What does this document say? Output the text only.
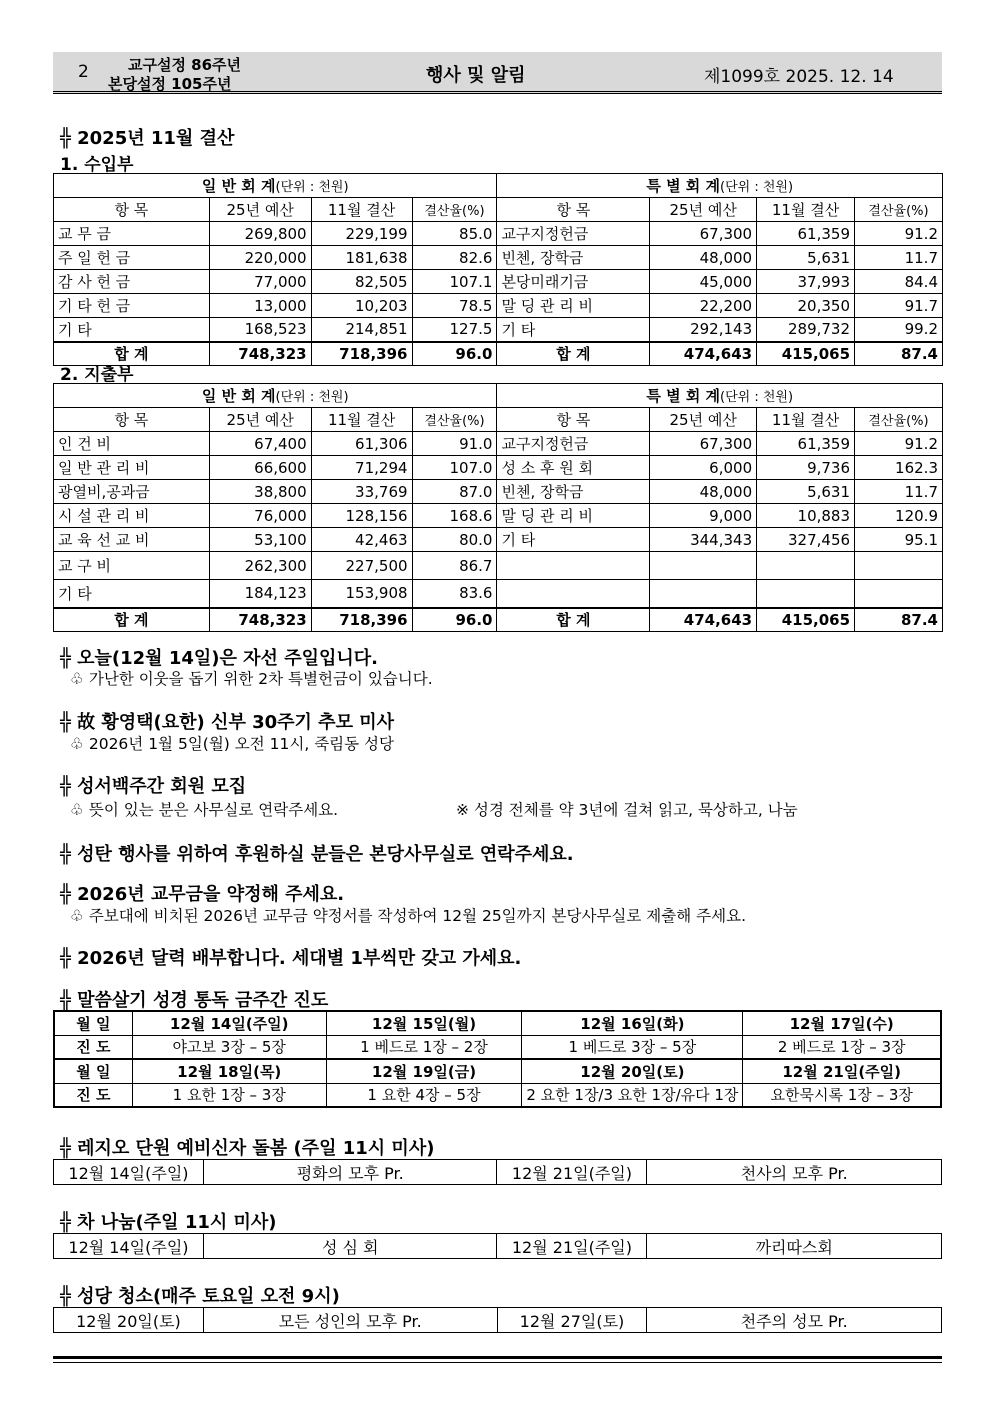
2	교구설정 86주년
본당설정 105주년	행사 및 알림	제1099호 2025. 12. 14
╬ 2025년 11월 결산
1. 수입부
일 반 회 계(단위 : 천원)				특 별 회 계(단위 : 천원)			
항 목	25년 예산	11월 결산	결산율(%)	항 목	25년 예산	11월 결산	결산율(%)
교 무 금	269,800	229,199	85.0	교구지정헌금	67,300	61,359	91.2
주 일 헌 금	220,000	181,638	82.6	빈첸, 장학금	48,000	5,631	11.7
감 사 헌 금	77,000	82,505	107.1	본당미래기금	45,000	37,993	84.4
기 타 헌 금	13,000	10,203	78.5	말 딩 관 리 비	22,200	20,350	91.7
기 타	168,523	214,851	127.5	기 타	292,143	289,732	99.2
합 계	748,323	718,396	96.0	합 계	474,643	415,065	87.4
2. 지출부
일 반 회 계(단위 : 천원)				특 별 회 계(단위 : 천원)			
항 목	25년 예산	11월 결산	결산율(%)	항 목	25년 예산	11월 결산	결산율(%)
인 건 비	67,400	61,306	91.0	교구지정헌금	67,300	61,359	91.2
일 반 관 리 비	66,600	71,294	107.0	성 소 후 원 회	6,000	9,736	162.3
광열비,공과금	38,800	33,769	87.0	빈첸, 장학금	48,000	5,631	11.7
시 설 관 리 비	76,000	128,156	168.6	말 딩 관 리 비	9,000	10,883	120.9
교 육 선 교 비	53,100	42,463	80.0	기 타	344,343	327,456	95.1
교 구 비	262,300	227,500	86.7				
기 타	184,123	153,908	83.6				
합 계	748,323	718,396	96.0	합 계	474,643	415,065	87.4
╬ 오늘(12월 14일)은 자선 주일입니다.
♧ 가난한 이웃을 돕기 위한 2차 특별헌금이 있습니다.
╬ 故 황영택(요한) 신부 30주기 추모 미사
♧ 2026년 1월 5일(월) 오전 11시, 죽림동 성당
╬ 성서백주간 회원 모집
♧ 뜻이 있는 분은 사무실로 연락주세요.	※ 성경 전체를 약 3년에 걸쳐 읽고, 묵상하고, 나눔
╬ 성탄 행사를 위하여 후원하실 분들은 본당사무실로 연락주세요.
╬ 2026년 교무금을 약정해 주세요.
♧ 주보대에 비치된 2026년 교무금 약정서를 작성하여 12월 25일까지 본당사무실로 제출해 주세요.
╬ 2026년 달력 배부합니다. 세대별 1부씩만 갖고 가세요.
╬ 말씀살기 성경 통독 금주간 진도
월 일	12월 14일(주일)	12월 15일(월)	12월 16일(화)	12월 17일(수)
진 도	야고보 3장 – 5장	1 베드로 1장 – 2장	1 베드로 3장 – 5장	2 베드로 1장 – 3장
월 일	12월 18일(목)	12월 19일(금)	12월 20일(토)	12월 21일(주일)
진 도	1 요한 1장 – 3장	1 요한 4장 – 5장	2 요한 1장/3 요한 1장/유다 1장	요한묵시록 1장 – 3장
╬ 레지오 단원 예비신자 돌봄 (주일 11시 미사)
12월 14일(주일)	평화의 모후 Pr.	12월 21일(주일)	천사의 모후 Pr.
╬ 차 나눔(주일 11시 미사)
12월 14일(주일)	성 심 회	12월 21일(주일)	까리따스회
╬ 성당 청소(매주 토요일 오전 9시)
12월 20일(토)	모든 성인의 모후 Pr.	12월 27일(토)	천주의 성모 Pr.
